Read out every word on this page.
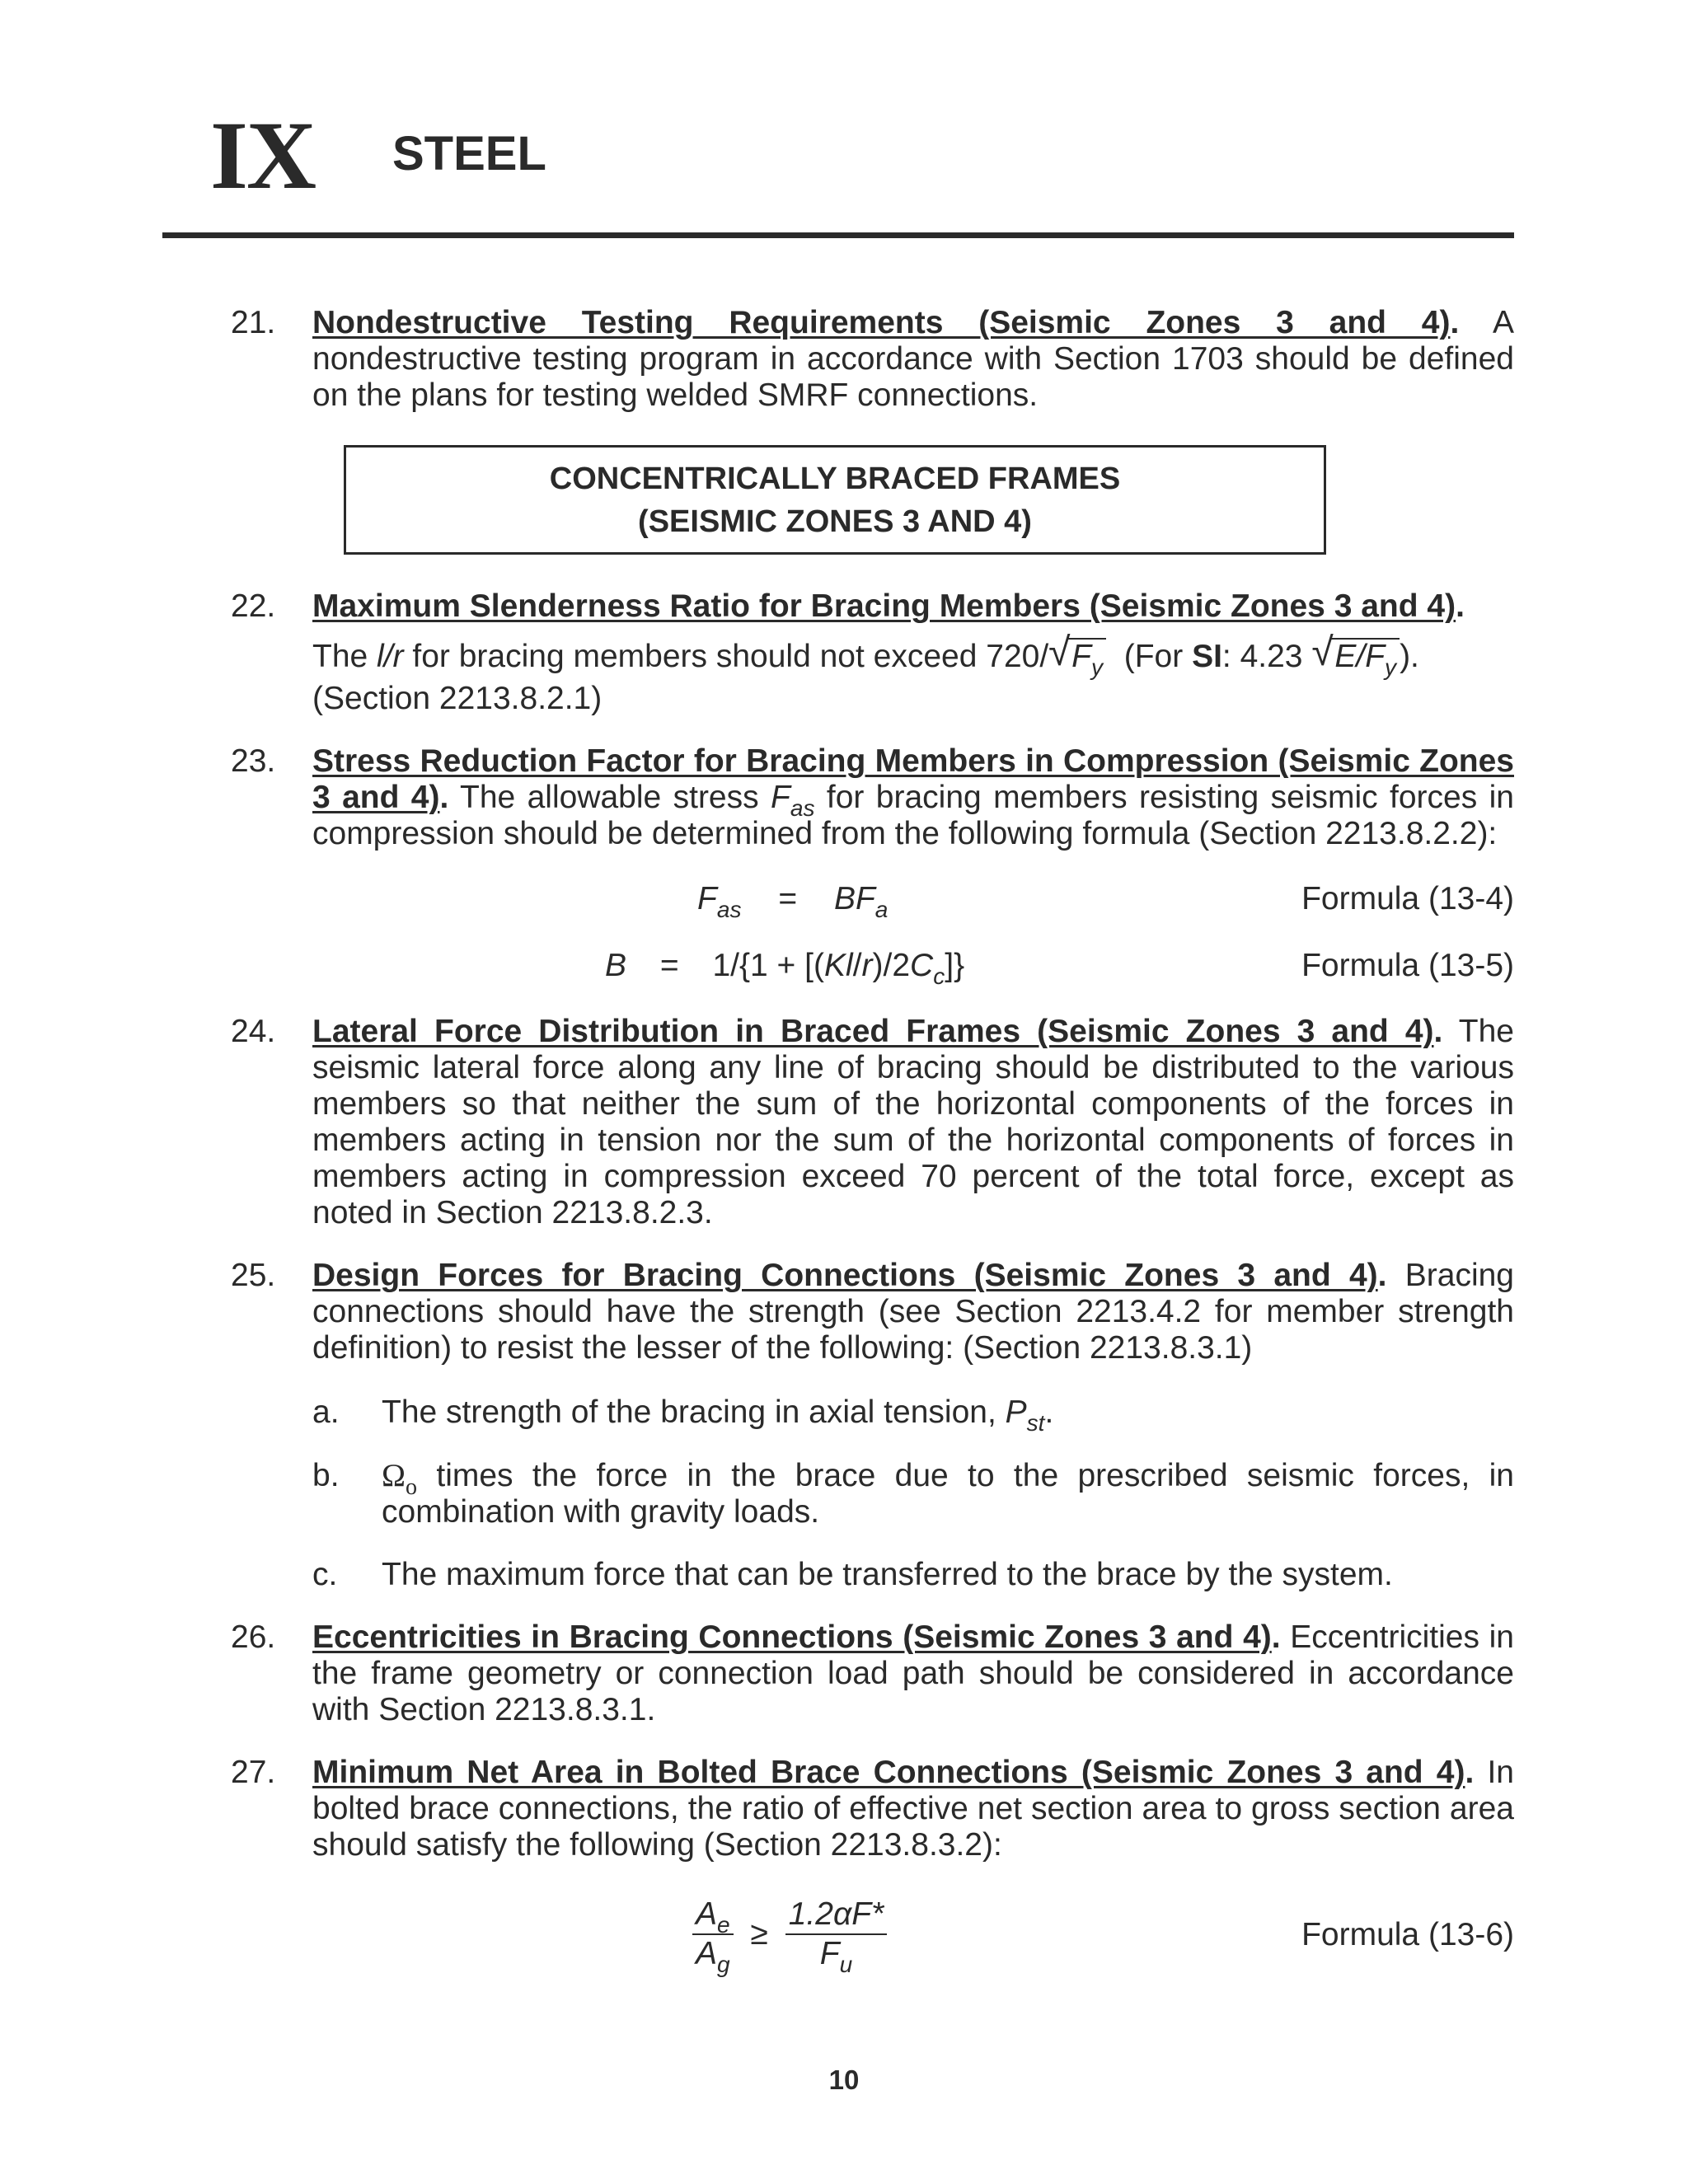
IX STEEL
21.	Nondestructive Testing Requirements (Seismic Zones 3 and 4). A nondestructive testing program in accordance with Section 1703 should be defined on the plans for testing welded SMRF connections.
CONCENTRICALLY BRACED FRAMES
(SEISMIC ZONES 3 AND 4)
22.	Maximum Slenderness Ratio for Bracing Members (Seismic Zones 3 and 4).

The l/r for bracing members should not exceed 720/ √ $F_y$ (For SI: 4.23 √ $E/F_y$ ).
(Section 2213.8.2.1)
23.	Stress Reduction Factor for Bracing Members in Compression (Seismic Zones 3 and 4). The allowable stress $F_{as}$ for bracing members resisting seismic forces in compression should be determined from the following formula (Section 2213.8.2.2):
$F_{as} = BF_a$	Formula (13-4)
$B = 1/\{1 + [(Kl/r)/2C_c]\}$	Formula (13-5)
24.	Lateral Force Distribution in Braced Frames (Seismic Zones 3 and 4). The seismic lateral force along any line of bracing should be distributed to the various members so that neither the sum of the horizontal components of the forces in members acting in tension nor the sum of the horizontal components of forces in members acting in compression exceed 70 percent of the total force, except as noted in Section 2213.8.2.3.
25.	Design Forces for Bracing Connections (Seismic Zones 3 and 4). Bracing connections should have the strength (see Section 2213.4.2 for member strength definition) to resist the lesser of the following: (Section 2213.8.3.1)
a.	The strength of the bracing in axial tension, $P_{st}$.
b.	$\Omega_o$ times the force in the brace due to the prescribed seismic forces, in combination with gravity loads.
c.	The maximum force that can be transferred to the brace by the system.
26.	Eccentricities in Bracing Connections (Seismic Zones 3 and 4). Eccentricities in the frame geometry or connection load path should be considered in accordance with Section 2213.8.3.1.
27.	Minimum Net Area in Bolted Brace Connections (Seismic Zones 3 and 4). In bolted brace connections, the ratio of effective net section area to gross section area should satisfy the following (Section 2213.8.3.2):
$\frac{A_e}{A_g} \ge \frac{1.2\alpha F*}{F_u}$	Formula (13-6)
10
